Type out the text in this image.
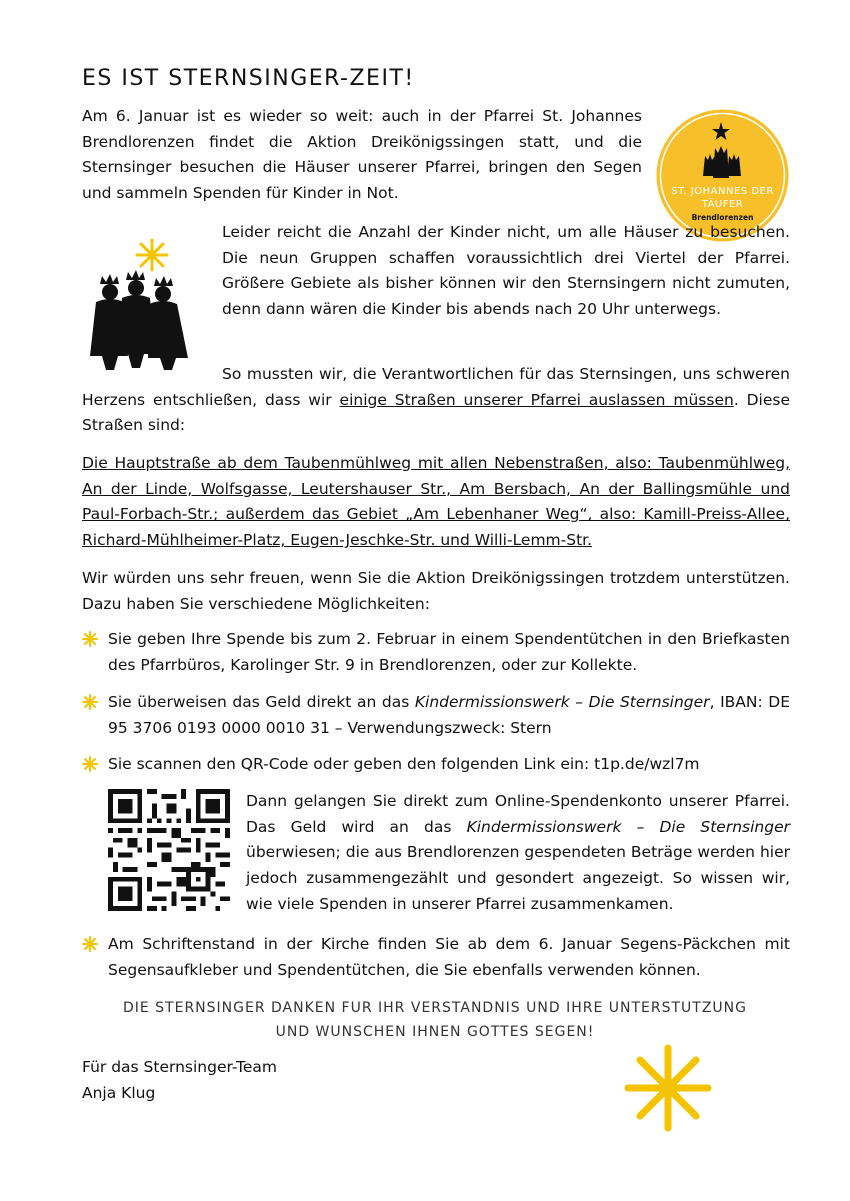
ES IST STERNSINGER-ZEIT!
ST. JOHANNES DER
TÄUFER
Brendlorenzen

Am 6. Januar ist es wieder so weit: auch in der Pfarrei St. Johannes Brendlorenzen findet die Aktion Dreikönigssingen statt, und die Sternsinger besuchen die Häuser unserer Pfarrei, bringen den Segen und sammeln Spenden für Kinder in Not.

Leider reicht die Anzahl der Kinder nicht, um alle Häuser zu besuchen. Die neun Gruppen schaffen voraussichtlich drei Viertel der Pfarrei. Größere Gebiete als bisher können wir den Sternsingern nicht zumuten, denn dann wären die Kinder bis abends nach 20 Uhr unterwegs.

So mussten wir, die Verantwortlichen für das Sternsingen, uns schweren Herzens entschließen, dass wir einige Straßen unserer Pfarrei auslassen müssen. Diese Straßen sind:

Die Hauptstraße ab dem Taubenmühlweg mit allen Nebenstraßen, also: Taubenmühlweg, An der Linde, Wolfsgasse, Leutershauser Str., Am Bersbach, An der Ballingsmühle und Paul-Forbach-Str.; außerdem das Gebiet „Am Lebenhaner Weg“, also: Kamill-Preiss-Allee, Richard-Mühlheimer-Platz, Eugen-Jeschke-Str. und Willi-Lemm-Str.

Wir würden uns sehr freuen, wenn Sie die Aktion Dreikönigssingen trotzdem unterstützen. Dazu haben Sie verschiedene Möglichkeiten:

Sie geben Ihre Spende bis zum 2. Februar in einem Spendentütchen in den Briefkasten des Pfarrbüros, Karolinger Str. 9 in Brendlorenzen, oder zur Kollekte.

Sie überweisen das Geld direkt an das Kindermissionswerk – Die Sternsinger, IBAN: DE 95 3706 0193 0000 0010 31 – Verwendungszweck: Stern

Sie scannen den QR-Code oder geben den folgenden Link ein: t1p.de/wzl7m

Dann gelangen Sie direkt zum Online-Spendenkonto unserer Pfarrei. Das Geld wird an das Kindermissionswerk – Die Sternsinger überwiesen; die aus Brendlorenzen gespendeten Beträge werden hier jedoch zusammengezählt und gesondert angezeigt. So wissen wir, wie viele Spenden in unserer Pfarrei zusammenkamen.

Am Schriftenstand in der Kirche finden Sie ab dem 6. Januar Segens-Päckchen mit Segensaufkleber und Spendentütchen, die Sie ebenfalls verwenden können.

DIE STERNSINGER DANKEN FUR IHR VERSTANDNIS UND IHRE UNTERSTUTZUNG

UND WUNSCHEN IHNEN GOTTES SEGEN!

Für das Sternsinger-Team

Anja Klug
